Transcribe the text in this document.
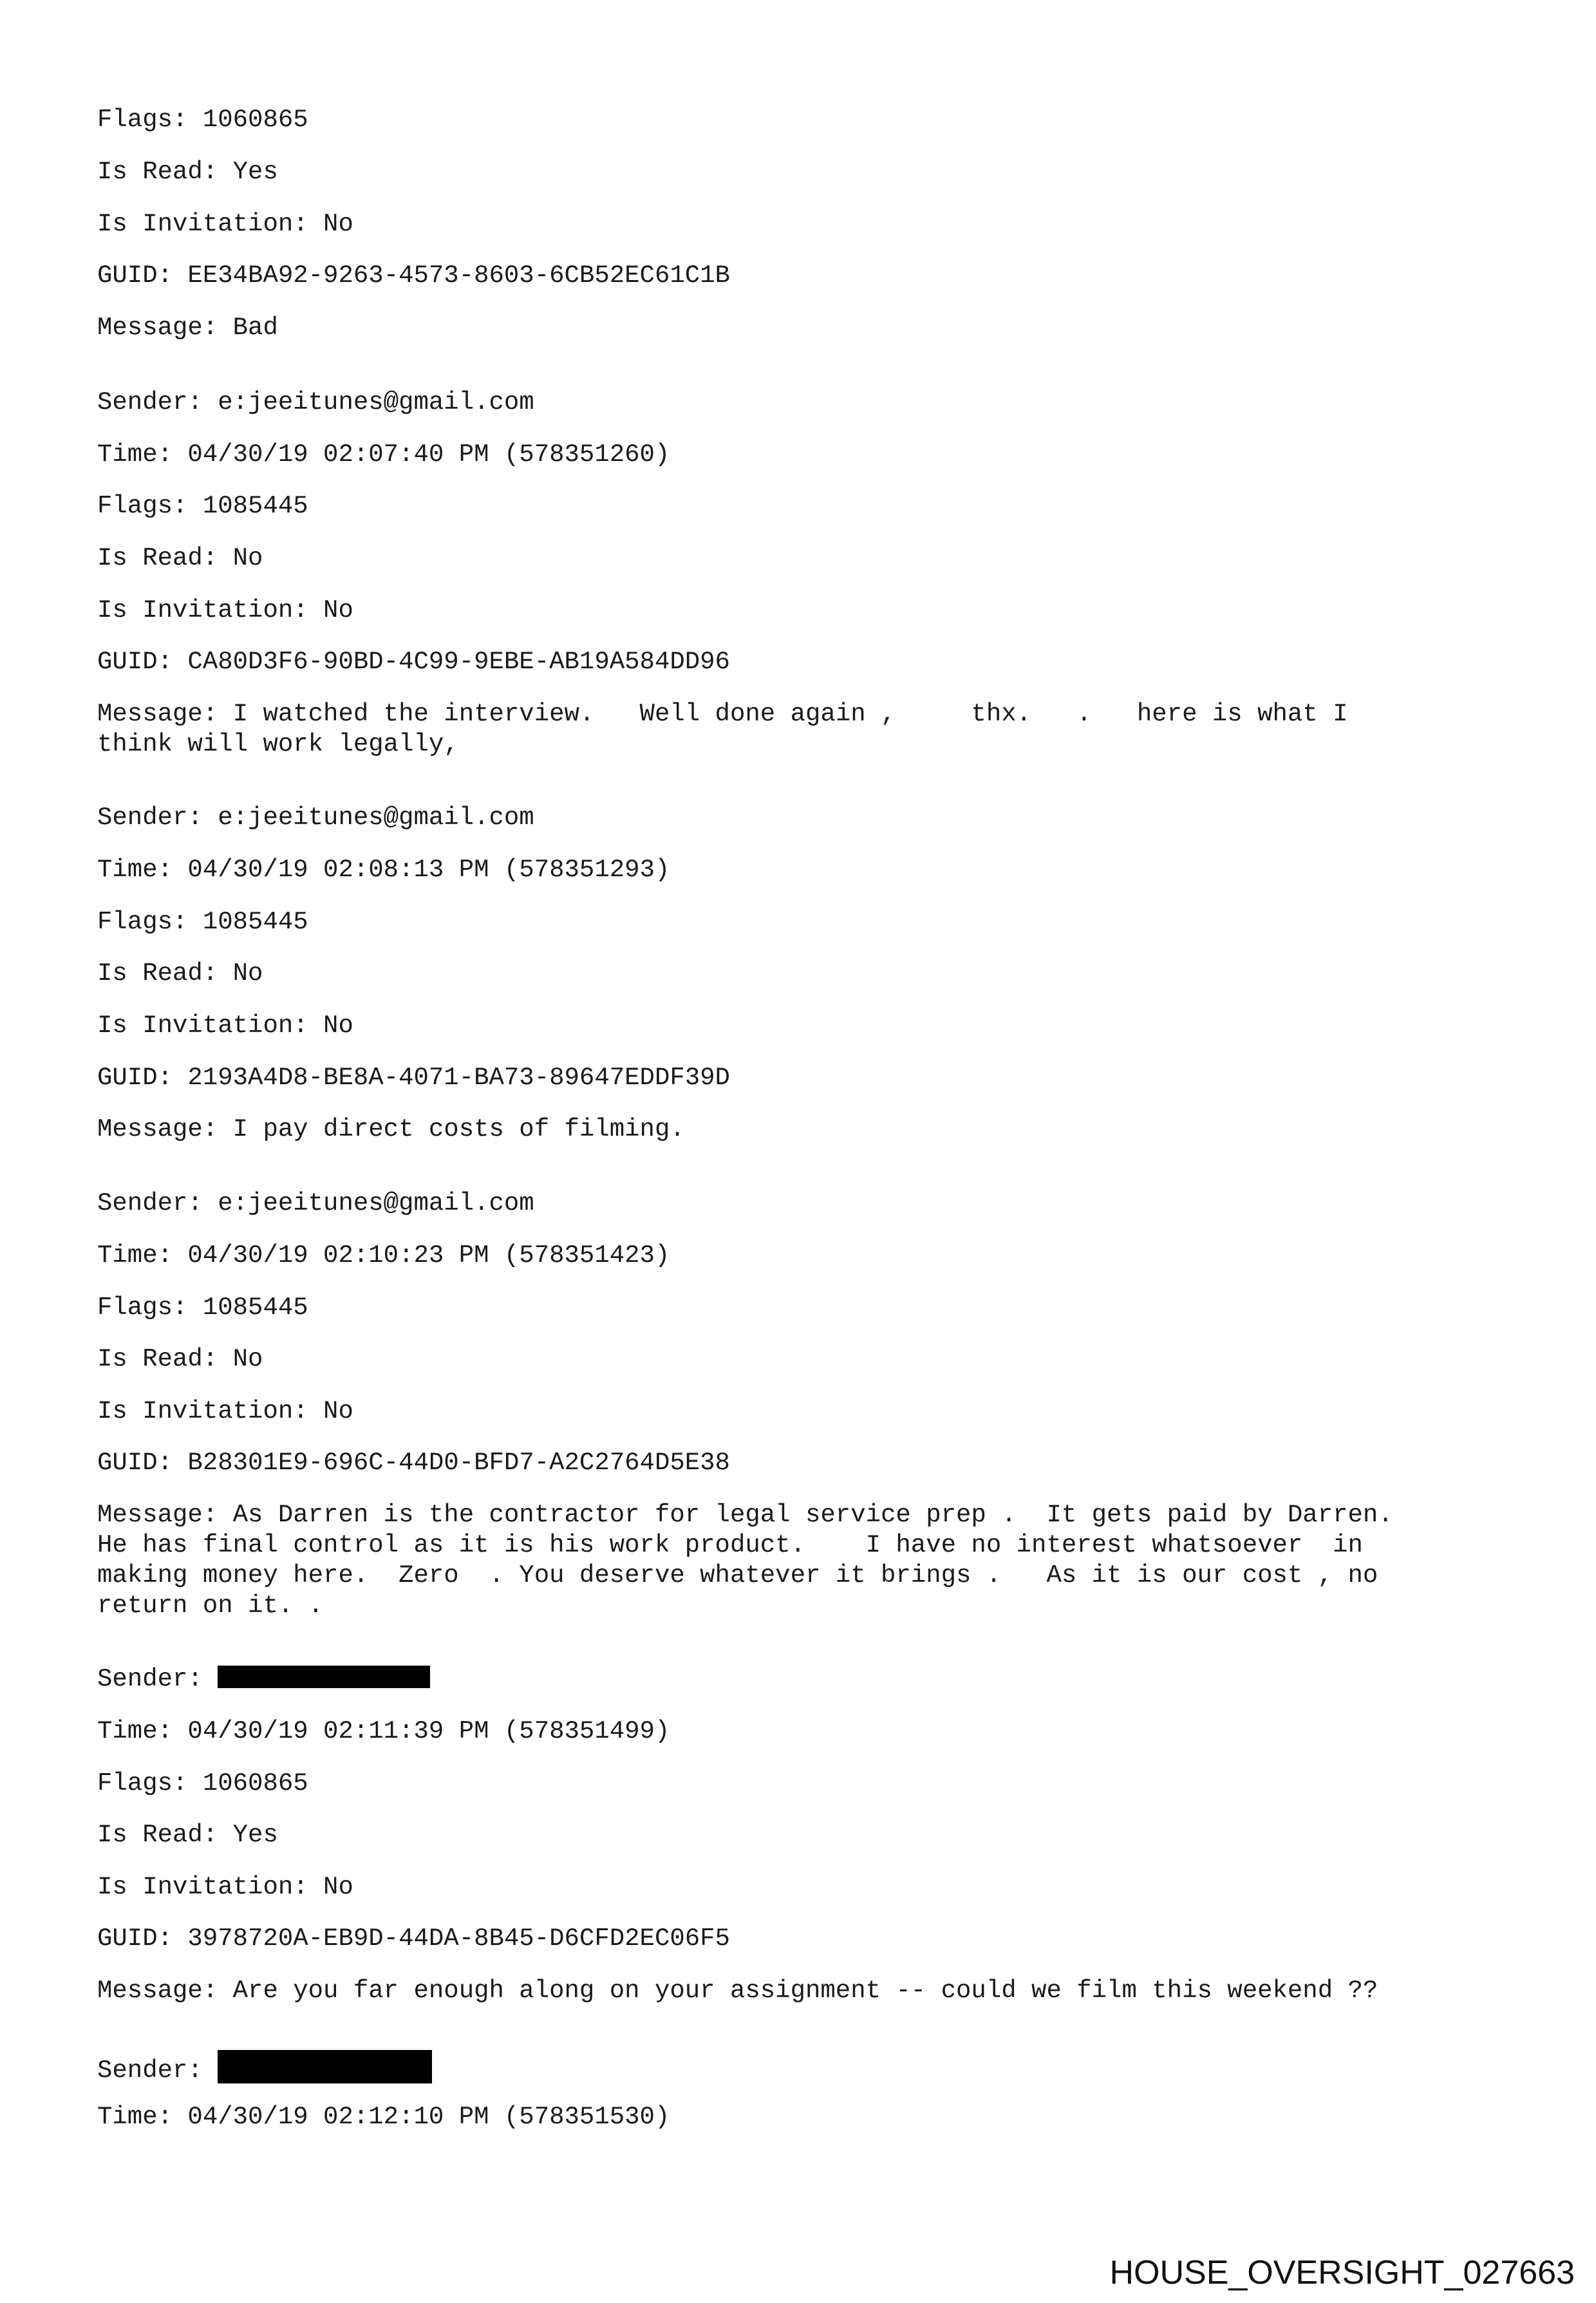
Flags: 1060865

Is Read: Yes

Is Invitation: No

GUID: EE34BA92-9263-4573-8603-6CB52EC61C1B

Message: Bad

Sender: e:jeeitunes@gmail.com

Time: 04/30/19 02:07:40 PM (578351260)

Flags: 1085445

Is Read: No

Is Invitation: No

GUID: CA80D3F6-90BD-4C99-9EBE-AB19A584DD96

Message: I watched the interview.   Well done again ,     thx.   .   here is what I

think will work legally,

Sender: e:jeeitunes@gmail.com

Time: 04/30/19 02:08:13 PM (578351293)

Flags: 1085445

Is Read: No

Is Invitation: No

GUID: 2193A4D8-BE8A-4071-BA73-89647EDDF39D

Message: I pay direct costs of filming.

Sender: e:jeeitunes@gmail.com

Time: 04/30/19 02:10:23 PM (578351423)

Flags: 1085445

Is Read: No

Is Invitation: No

GUID: B28301E9-696C-44D0-BFD7-A2C2764D5E38

Message: As Darren is the contractor for legal service prep .  It gets paid by Darren.

He has final control as it is his work product.    I have no interest whatsoever  in

making money here.  Zero  . You deserve whatever it brings .   As it is our cost , no

return on it. .

Sender:

Time: 04/30/19 02:11:39 PM (578351499)

Flags: 1060865

Is Read: Yes

Is Invitation: No

GUID: 3978720A-EB9D-44DA-8B45-D6CFD2EC06F5

Message: Are you far enough along on your assignment -- could we film this weekend ??

Sender:

Time: 04/30/19 02:12:10 PM (578351530)

HOUSE_OVERSIGHT_027663
